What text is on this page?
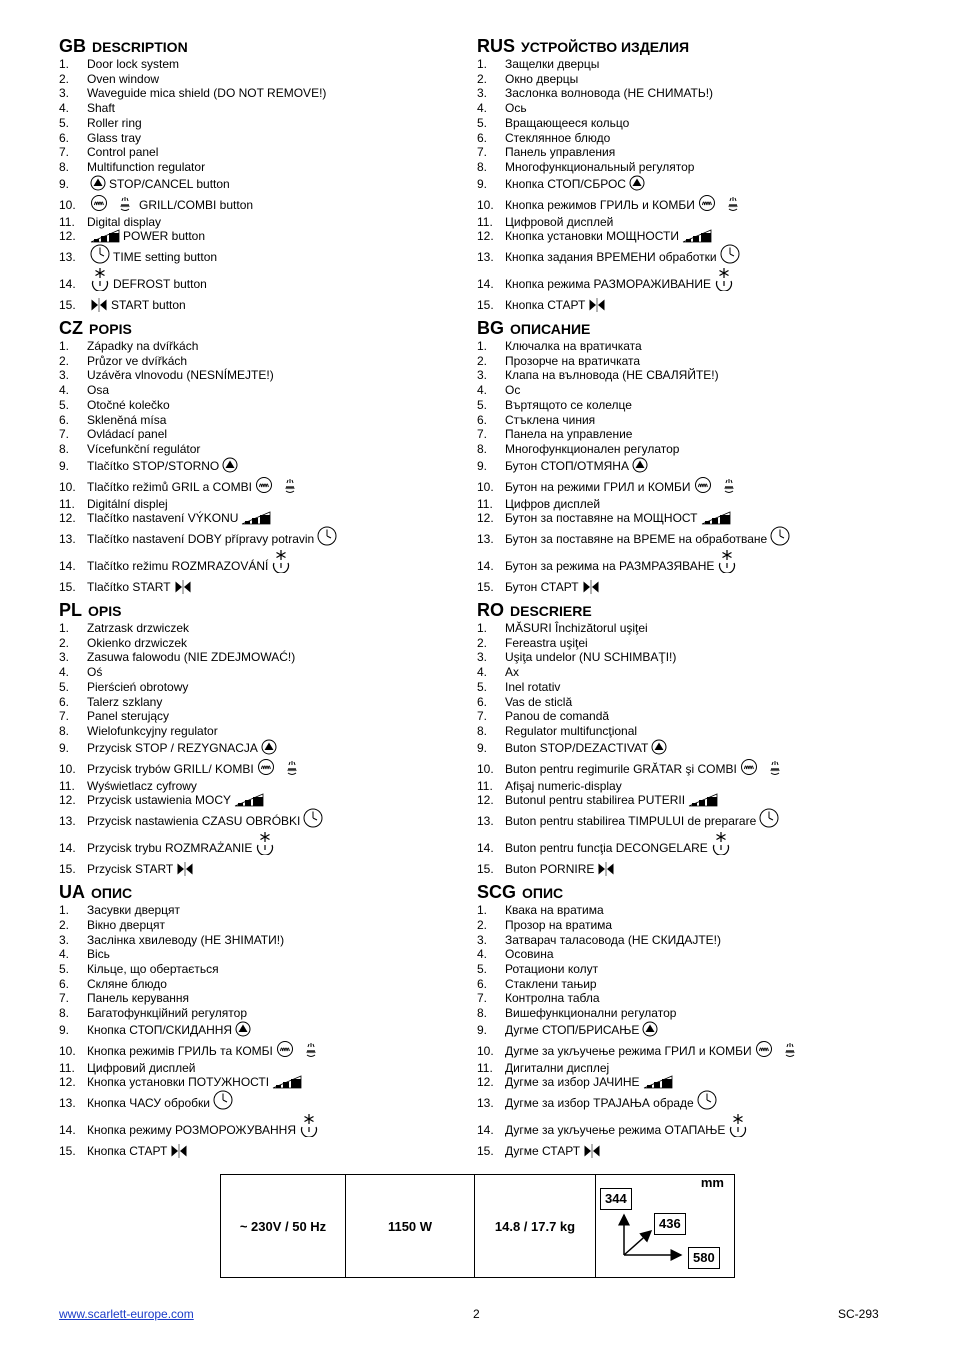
GB DESCRIPTION
1. Door lock system
2. Oven window
3. Waveguide mica shield (DO NOT REMOVE!)
4. Shaft
5. Roller ring
6. Glass tray
7. Control panel
8. Multifunction regulator
9.	STOP/CANCEL button
10.	GRILL/COMBI button
11. Digital display
12.	POWER button
13.	TIME setting button
14.	DEFROST button
15.	START button
CZ POPIS
1. Západky na dvířkách
2. Průzor ve dvířkách
3. Uzávěra vlnovodu (NESNÍMEJTE!)
4. Osa
5. Otočné kolečko
6. Skleněná mísa
7. Ovládací panel
8. Vícefunkční regulátor
9. Tlačítko STOP/STORNO
10. Tlačítko režimů GRIL a COMBI
11. Digitální displej
12. Tlačítko nastavení VÝKONU
13. Tlačítko nastavení DOBY přípravy potravin
14. Tlačítko režimu ROZMRAZOVÁNÍ
15. Tlačítko START
PL OPIS
1. Zatrzask drzwiczek
2. Okienko drzwiczek
3. Zasuwa falowodu (NIE ZDEJMOWAĆ!)
4. Oś
5. Pierścień obrotowy
6. Talerz szklany
7. Panel sterujący
8. Wielofunkcyjny regulator
9. Przycisk STOP / REZYGNACJA
10. Przycisk trybów GRILL/ KOMBI
11. Wyświetlacz cyfrowy
12. Przycisk ustawienia MOCY
13. Przycisk nastawienia CZASU OBRÓBKI
14. Przycisk trybu ROZMRAŻANIE
15. Przycisk START
UA ОПИС
1. Засувки дверцят
2. Вікно дверцят
3. Заслінка хвилеводу (НЕ ЗНІМАТИ!)
4. Вісь
5. Кільце, що обертається
6. Скляне блюдо
7. Панель керування
8. Багатофункційний регулятор
9. Кнопка СТОП/СКИДАННЯ
10. Кнопка режимів ГРИЛЬ та КОМБІ
11. Цифровий дисплей
12. Кнопка установки ПОТУЖНОСТІ
13. Кнопка ЧАСУ обробки
14. Кнопка режиму РОЗМОРОЖУВАННЯ
15. Кнопка СТАРТ
RUS УСТРОЙСТВО ИЗДЕЛИЯ
1. Защелки дверцы
2. Окно дверцы
3. Заслонка волновода (НЕ СНИМАТЬ!)
4. Ось
5. Вращающееся кольцо
6. Стеклянное блюдо
7. Панель управления
8. Многофункциональный регулятор
9. Кнопка СТОП/СБРОС
10. Кнопка режимов ГРИЛЬ и КОМБИ
11. Цифровой дисплей
12. Кнопка установки МОЩНОСТИ
13. Кнопка задания ВРЕМЕНИ обработки
14. Кнопка режима РАЗМОРАЖИВАНИЕ
15. Кнопка СТАРТ
BG ОПИСАНИЕ
1. Ключалка на вратичката
2. Прозорче на вратичката
3. Клапа на вълновода (НЕ СВАЛЯЙТЕ!)
4. Ос
5. Въртящото се колелце
6. Стъклена чиния
7. Панела на управление
8. Многофункционален регулатор
9. Бутон СТОП/ОТМЯНА
10. Бутон на режими ГРИЛ и КОМБИ
11. Цифров дисплей
12. Бутон за поставяне на МОЩНОСТ
13. Бутон за поставяне на ВРЕМЕ на обработване
14. Бутон за режима на РАЗМРАЗЯВАНЕ
15. Бутон СТАРТ
RO DESCRIERE
1. MĂSURI Închizătorul uşiţei
2. Fereastra uşiţei
3. Uşiţa undelor (NU SCHIMBAŢI!)
4. Ax
5. Inel rotativ
6. Vas de sticlă
7. Panou de comandă
8. Regulator multifuncţional
9. Buton STOP/DEZACTIVAT
10. Buton pentru regimurile GRĂTAR şi COMBI
11. Afişaj numeric-display
12. Butonul pentru stabilirea PUTERII
13. Buton pentru stabilirea TIMPULUI de preparare
14. Buton pentru funcţia DECONGELARE
15. Buton PORNIRE
SCG ОПИС
1. Квака на вратима
2. Прозор на вратима
3. Затварач таласовода (НЕ СКИДАЈТЕ!)
4. Осовина
5. Ротациони колут
6. Стаклени тањир
7. Контролна табла
8. Вишефункционални регулатор
9. Дугме СТОП/БРИСАЊЕ
10. Дугме за укључење режима ГРИЛ и КОМБИ
11. Дигитални дисплеј
12. Дугме за избор ЈАЧИНЕ
13. Дугме за избор ТРАЈАЊА обраде
14. Дугме за укључење режима ОТАПАЊЕ
15. Дугме СТАРТ
~ 230V / 50 Hz	1150 W	14.8 / 17.7 kg
mm
344
436
580
www.scarlett-europe.com	2	SC-293
